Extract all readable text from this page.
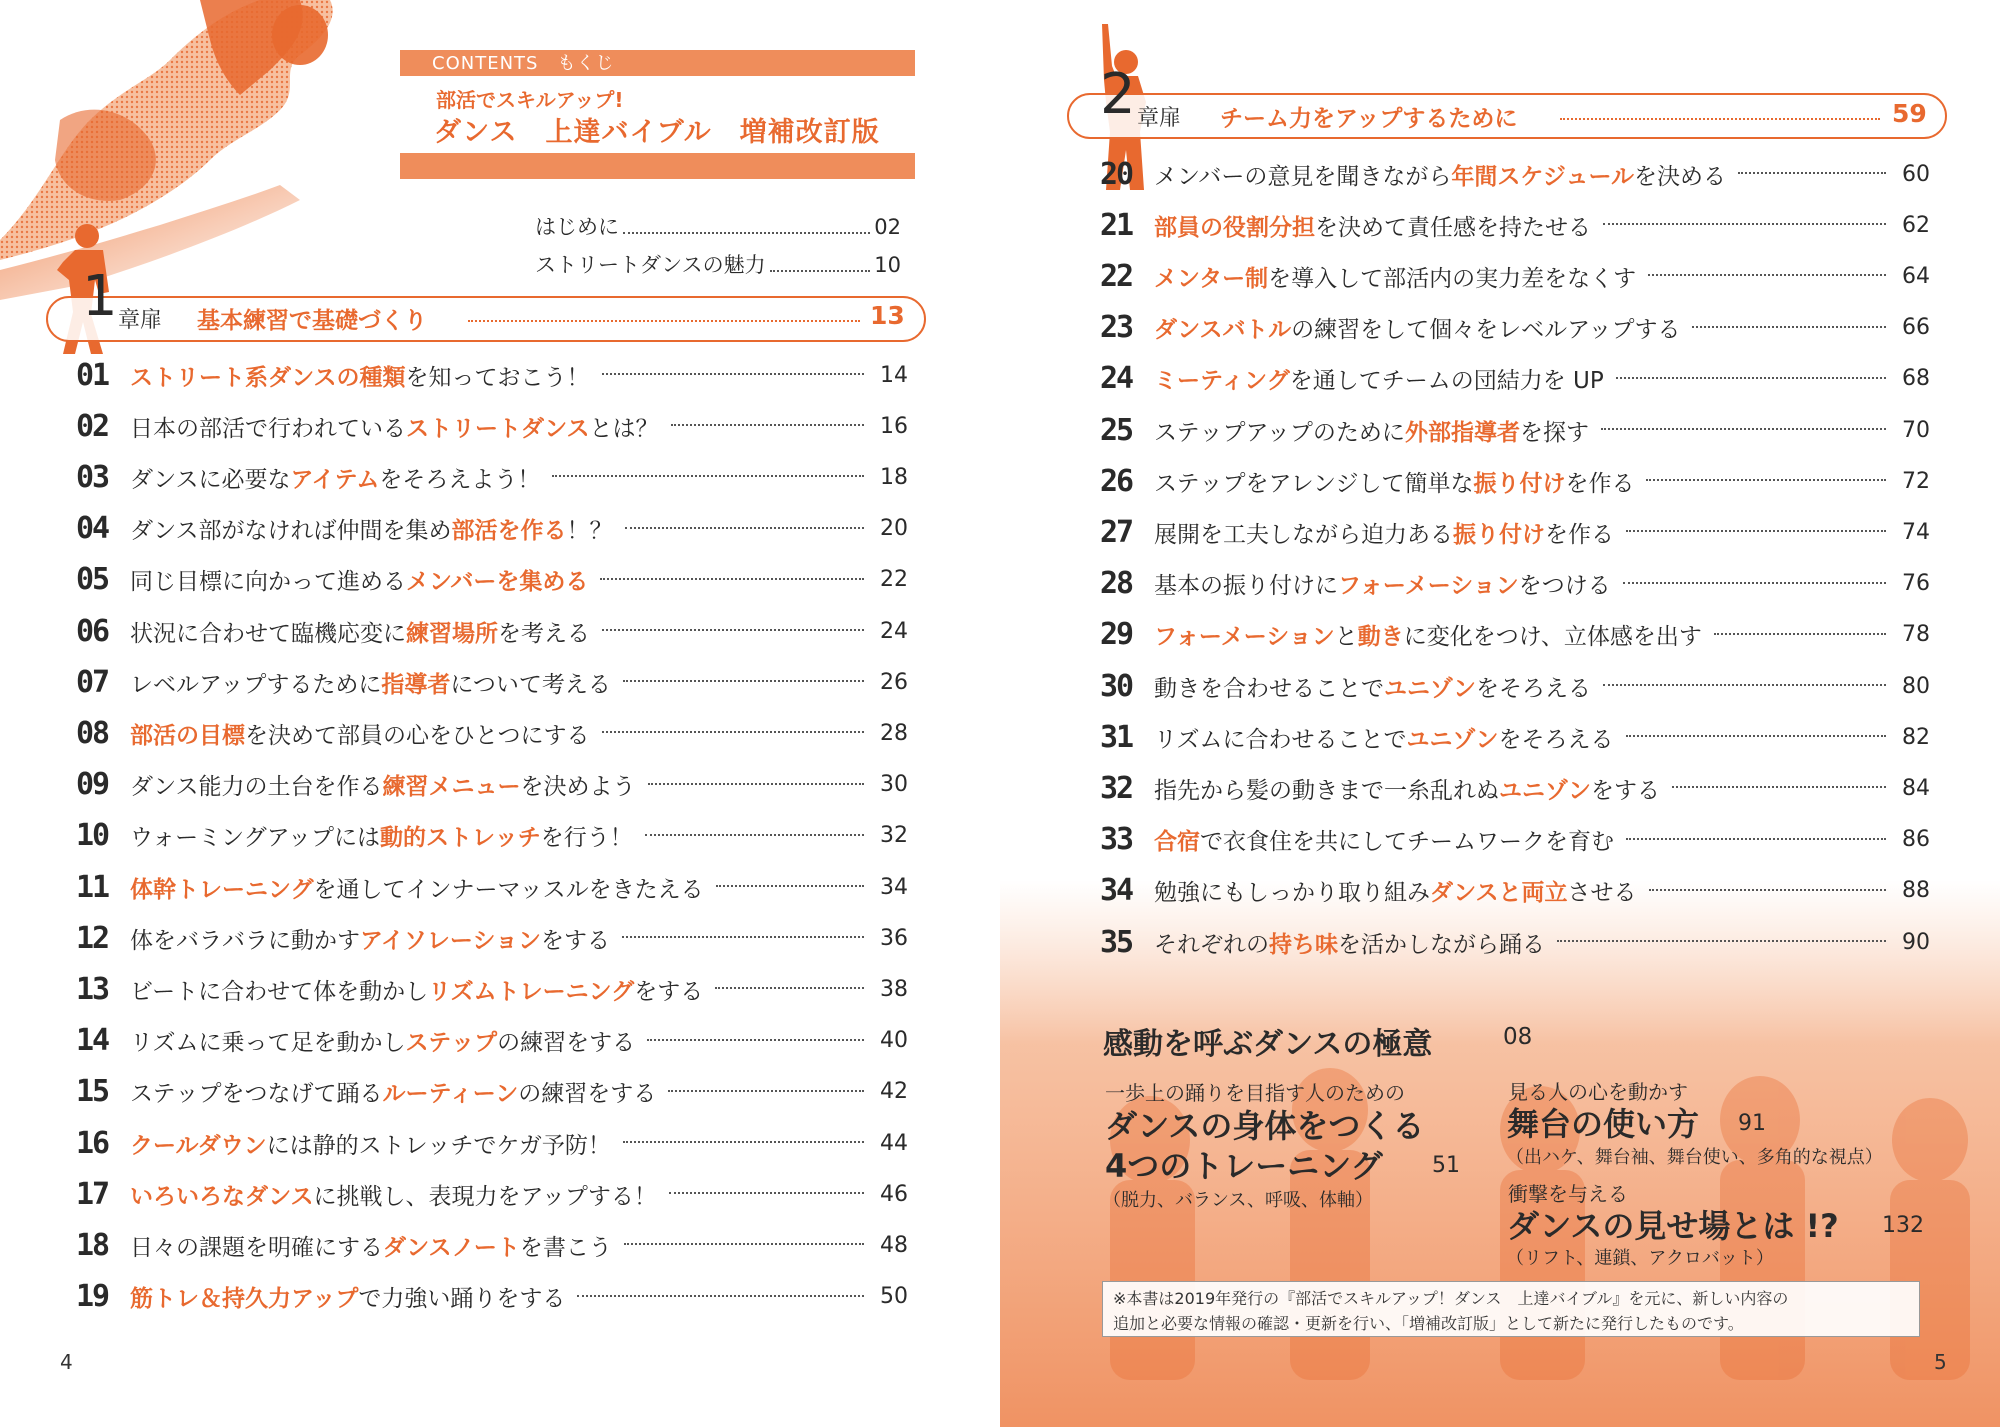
CONTENTS　もくじ
部活でスキルアップ!
ダンス　上達バイブル　増補改訂版
はじめに	02
ストリートダンスの魅力	10
1 章扉 基本練習で基礎づくり	13
01 ストリート系ダンスの種類を知っておこう！	14
02 日本の部活で行われているストリートダンスとは？	16
03 ダンスに必要なアイテムをそろえよう！	18
04 ダンス部がなければ仲間を集め部活を作る！？	20
05 同じ目標に向かって進めるメンバーを集める	22
06 状況に合わせて臨機応変に練習場所を考える	24
07 レベルアップするために指導者について考える	26
08 部活の目標を決めて部員の心をひとつにする	28
09 ダンス能力の土台を作る練習メニューを決めよう	30
10 ウォーミングアップには動的ストレッチを行う！	32
11 体幹トレーニングを通してインナーマッスルをきたえる	34
12 体をバラバラに動かすアイソレーションをする	36
13 ビートに合わせて体を動かしリズムトレーニングをする	38
14 リズムに乗って足を動かしステップの練習をする	40
15 ステップをつなげて踊るルーティーンの練習をする	42
16 クールダウンには静的ストレッチでケガ予防！	44
17 いろいろなダンスに挑戦し、表現力をアップする！	46
18 日々の課題を明確にするダンスノートを書こう	48
19 筋トレ＆持久力アップで力強い踊りをする	50
4
2 章扉 チーム力をアップするために	59
20 メンバーの意見を聞きながら年間スケジュールを決める	60
21 部員の役割分担を決めて責任感を持たせる	62
22 メンター制を導入して部活内の実力差をなくす	64
23 ダンスバトルの練習をして個々をレベルアップする	66
24 ミーティングを通してチームの団結力を UP	68
25 ステップアップのために外部指導者を探す	70
26 ステップをアレンジして簡単な振り付けを作る	72
27 展開を工夫しながら迫力ある振り付けを作る	74
28 基本の振り付けにフォーメーションをつける	76
29 フォーメーションと動きに変化をつけ、立体感を出す	78
30 動きを合わせることでユニゾンをそろえる	80
31 リズムに合わせることでユニゾンをそろえる	82
32 指先から髪の動きまで一糸乱れぬユニゾンをする	84
33 合宿で衣食住を共にしてチームワークを育む	86
34 勉強にもしっかり取り組みダンスと両立させる	88
35 それぞれの持ち味を活かしながら踊る	90
感動を呼ぶダンスの極意	08
一歩上の踊りを目指す人のための
ダンスの身体をつくる
4つのトレーニング 51
（脱力、バランス、呼吸、体軸）
見る人の心を動かす
舞台の使い方 91
（出ハケ、舞台袖、舞台使い、多角的な視点）
衝撃を与える
ダンスの見せ場とは !? 132
（リフト、連鎖、アクロバット）
※本書は2019年発行の『部活でスキルアップ！ダンス　上達バイブル』を元に、新しい内容の
追加と必要な情報の確認・更新を行い、「増補改訂版」として新たに発行したものです。
5
